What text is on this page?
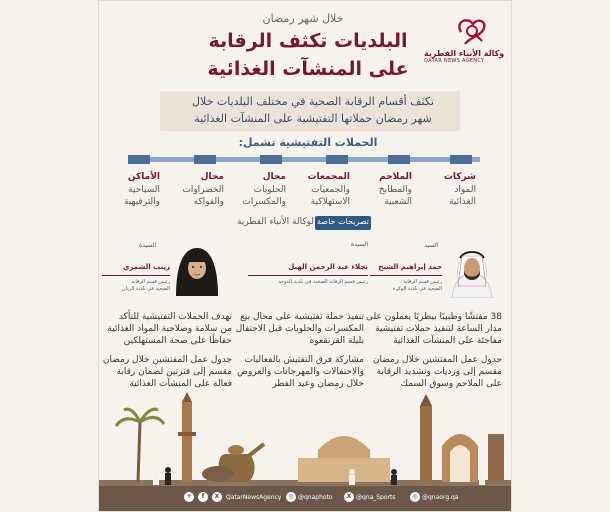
وكالة الأنباء القطرية
QATAR NEWS AGENCY
خلال شهر رمضان
البلديات تكثف الرقابة
على المنشآت الغذائية
تكثف أقسام الرقابة الصحية في مختلف البلديات خلال
شهر رمضان حملاتها التفتيشية على المنشآت الغذائية
الحملات التفتيشية تشمل:
شركات
المواد
الغذائية
الملاحم
والمطابخ
الشعبية
المجمعات
والجمعيات
الاستهلاكية
محال
الحلويات
والمكسرات
محال
الخضراوات
والفواكه
الأماكن
السياحية
والترفيهية
تصريحات خاصة
لوكالة الأنباء القطرية
السيد
حمد إبراهيم الشيخ
رئيس قسم الرقابة
الصحية في بلدية الوكرة
السيدة
نجلاء عبد الرحمن الهيل
رئيس قسم الرقابة الصحية في بلدية الدوحة
السيدة
زينب الشمري
رئيس قسم الرقابة
الصحية في بلدية الريان
38 مفتشًا وطبيبًا بيطريًا يعملون على
مدار الساعة لتنفيذ حملات تفتيشية
مفاجئة على المنشآت الغذائية
جدول عمل المفتشين خلال رمضان
مقسم إلى ورديات وتشديد الرقابة
على الملاحم وسوق السمك
تنفيذ حملة تفتيشية على محال بيع
المكسرات والحلويات قبل الاحتفال
بليلة القرنقعوه
مشاركة فرق التفتيش بالفعاليات
والاحتفالات والمهرجانات والعروض
خلال رمضان وعيد الفطر
تهدف الحملات التفتيشية للتأكد
من سلامة وصلاحية المواد الغذائية
حفاظًا على صحة المستهلكين
جدول عمل المفتشين خلال رمضان
مقسم إلى فترتين لضمان رقابة
فعالة على المنشآت الغذائية
✈	f	X	QatarNewsAgency	◎ @qnaphoto	X @qna_Sports	◎ @qnaorg.qa
